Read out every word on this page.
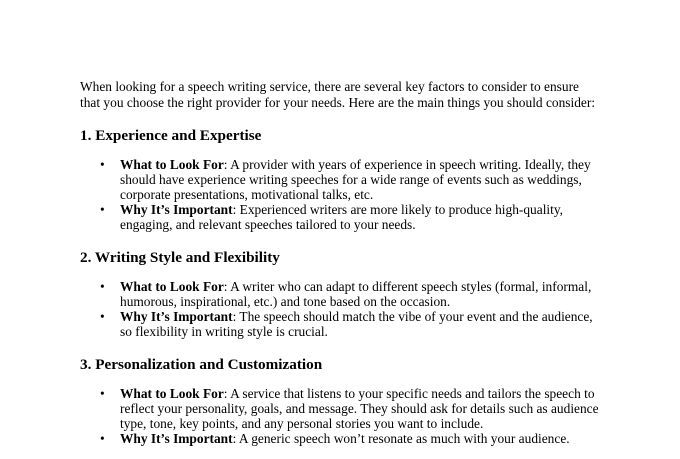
When looking for a speech writing service, there are several key factors to consider to ensure that you choose the right provider for your needs. Here are the main things you should consider:

1. Experience and Expertise
• What to Look For: A provider with years of experience in speech writing. Ideally, they should have experience writing speeches for a wide range of events such as weddings, corporate presentations, motivational talks, etc.
• Why It’s Important: Experienced writers are more likely to produce high-quality, engaging, and relevant speeches tailored to your needs.
2. Writing Style and Flexibility
• What to Look For: A writer who can adapt to different speech styles (formal, informal, humorous, inspirational, etc.) and tone based on the occasion.
• Why It’s Important: The speech should match the vibe of your event and the audience, so flexibility in writing style is crucial.
3. Personalization and Customization
• What to Look For: A service that listens to your specific needs and tailors the speech to reflect your personality, goals, and message. They should ask for details such as audience type, tone, key points, and any personal stories you want to include.
• Why It’s Important: A generic speech won’t resonate as much with your audience.
